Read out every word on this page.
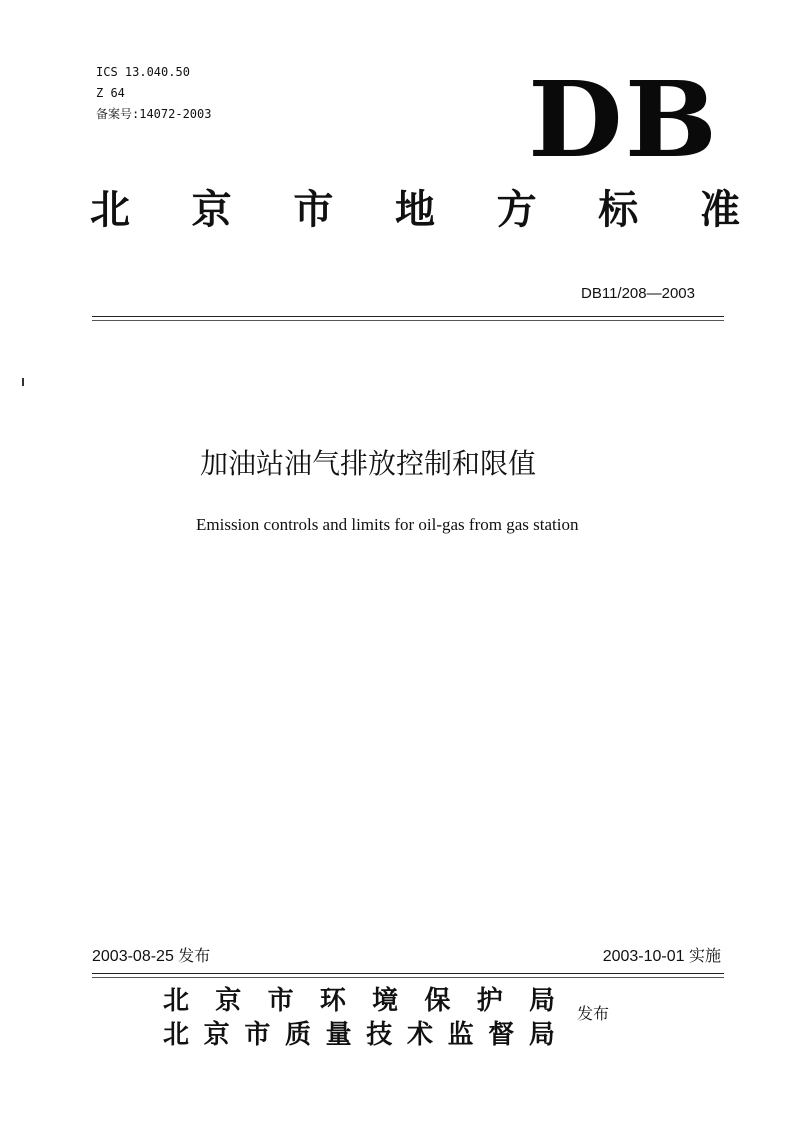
ICS 13.040.50
Z 64
备案号:14072-2003	DB
北 京 市 地 方 标 准
DB11/208—2003
加油站油气排放控制和限值
Emission controls and limits for oil-gas from gas station
2003-08-25 发布	2003-10-01 实施
北 京 市 环 境 保 护 局
北 京 市 质 量 技 术 监 督 局
发布
